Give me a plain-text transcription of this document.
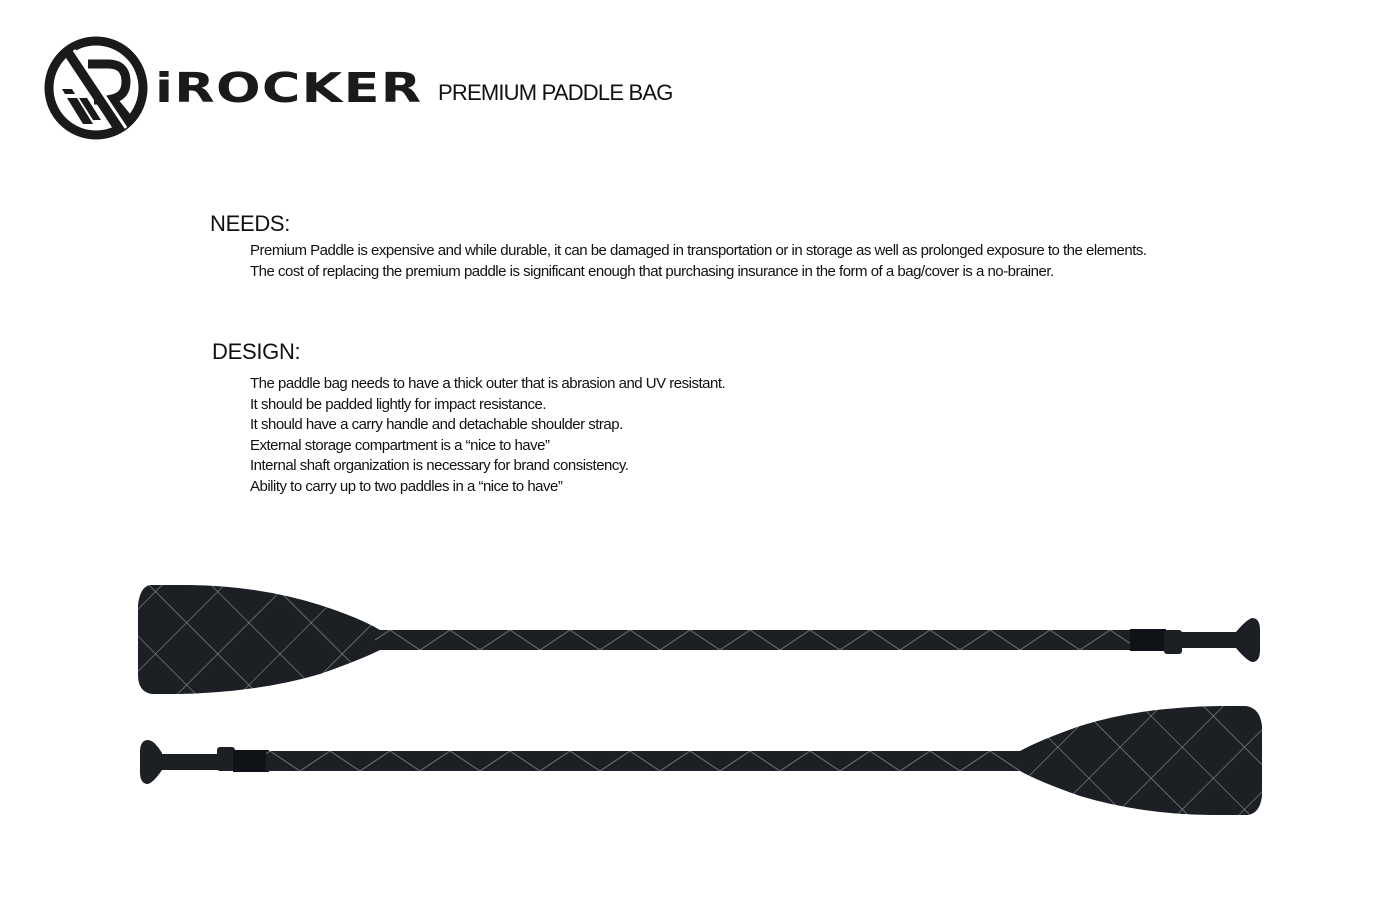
iROCKER PREMIUM PADDLE BAG
NEEDS:
Premium Paddle is expensive and while durable, it can be damaged in transportation or in storage as well as prolonged exposure to the elements.
The cost of replacing the premium paddle is significant enough that purchasing insurance in the form of a bag/cover is a no-brainer.
DESIGN:
The paddle bag needs to have a thick outer that is abrasion and UV resistant.
It should be padded lightly for impact resistance.
It should have a carry handle and detachable shoulder strap.
External storage compartment is a “nice to have”
Internal shaft organization is necessary for brand consistency.
Ability to carry up to two paddles in a “nice to have”
